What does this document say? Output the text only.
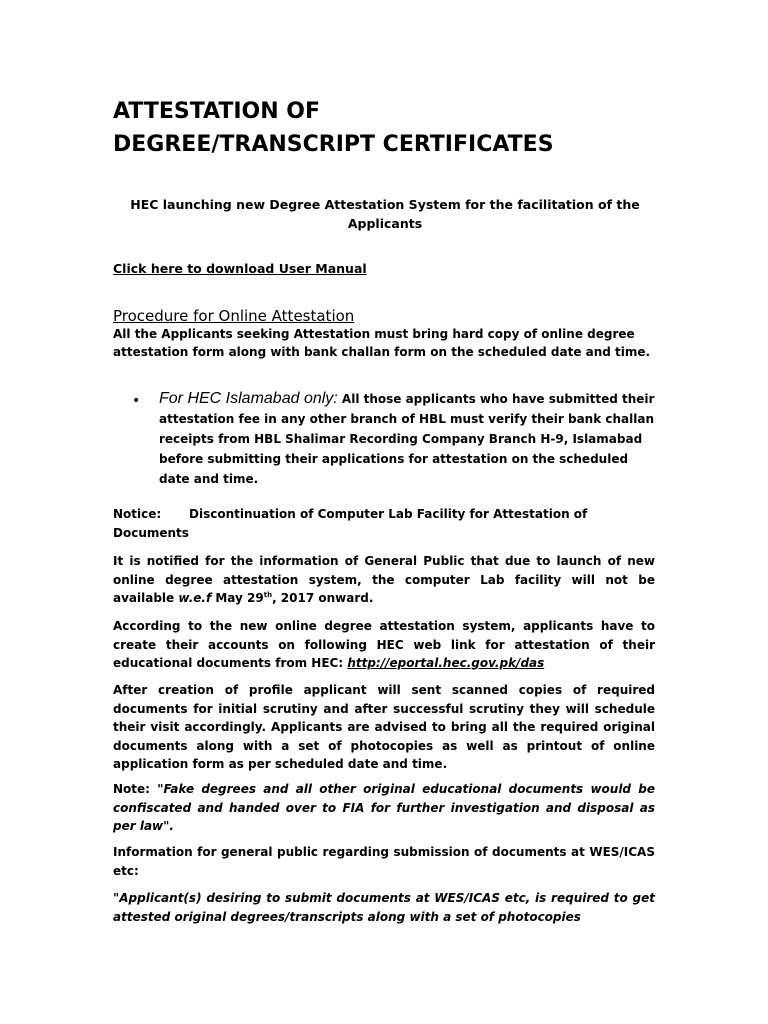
ATTESTATION OF
DEGREE/TRANSCRIPT CERTIFICATES

HEC launching new Degree Attestation System for the facilitation of the Applicants

Click here to download User Manual
Procedure for Online Attestation

All the Applicants seeking Attestation must bring hard copy of online degree attestation form along with bank challan form on the scheduled date and time.

• For HEC Islamabad only: All those applicants who have submitted their attestation fee in any other branch of HBL must verify their bank challan receipts from HBL Shalimar Recording Company Branch H-9, Islamabad before submitting their applications for attestation on the scheduled date and time.

Notice: Discontinuation of Computer Lab Facility for Attestation of Documents

It is notified for the information of General Public that due to launch of new online degree attestation system, the computer Lab facility will not be available w.e.f May 29th, 2017 onward.

According to the new online degree attestation system, applicants have to create their accounts on following HEC web link for attestation of their educational documents from HEC: http://eportal.hec.gov.pk/das

After creation of profile applicant will sent scanned copies of required documents for initial scrutiny and after successful scrutiny they will schedule their visit accordingly. Applicants are advised to bring all the required original documents along with a set of photocopies as well as printout of online application form as per scheduled date and time.

Note: "Fake degrees and all other original educational documents would be confiscated and handed over to FIA for further investigation and disposal as per law".

Information for general public regarding submission of documents at WES/ICAS etc:

"Applicant(s) desiring to submit documents at WES/ICAS etc, is required to get attested original degrees/transcripts along with a set of photocopies
